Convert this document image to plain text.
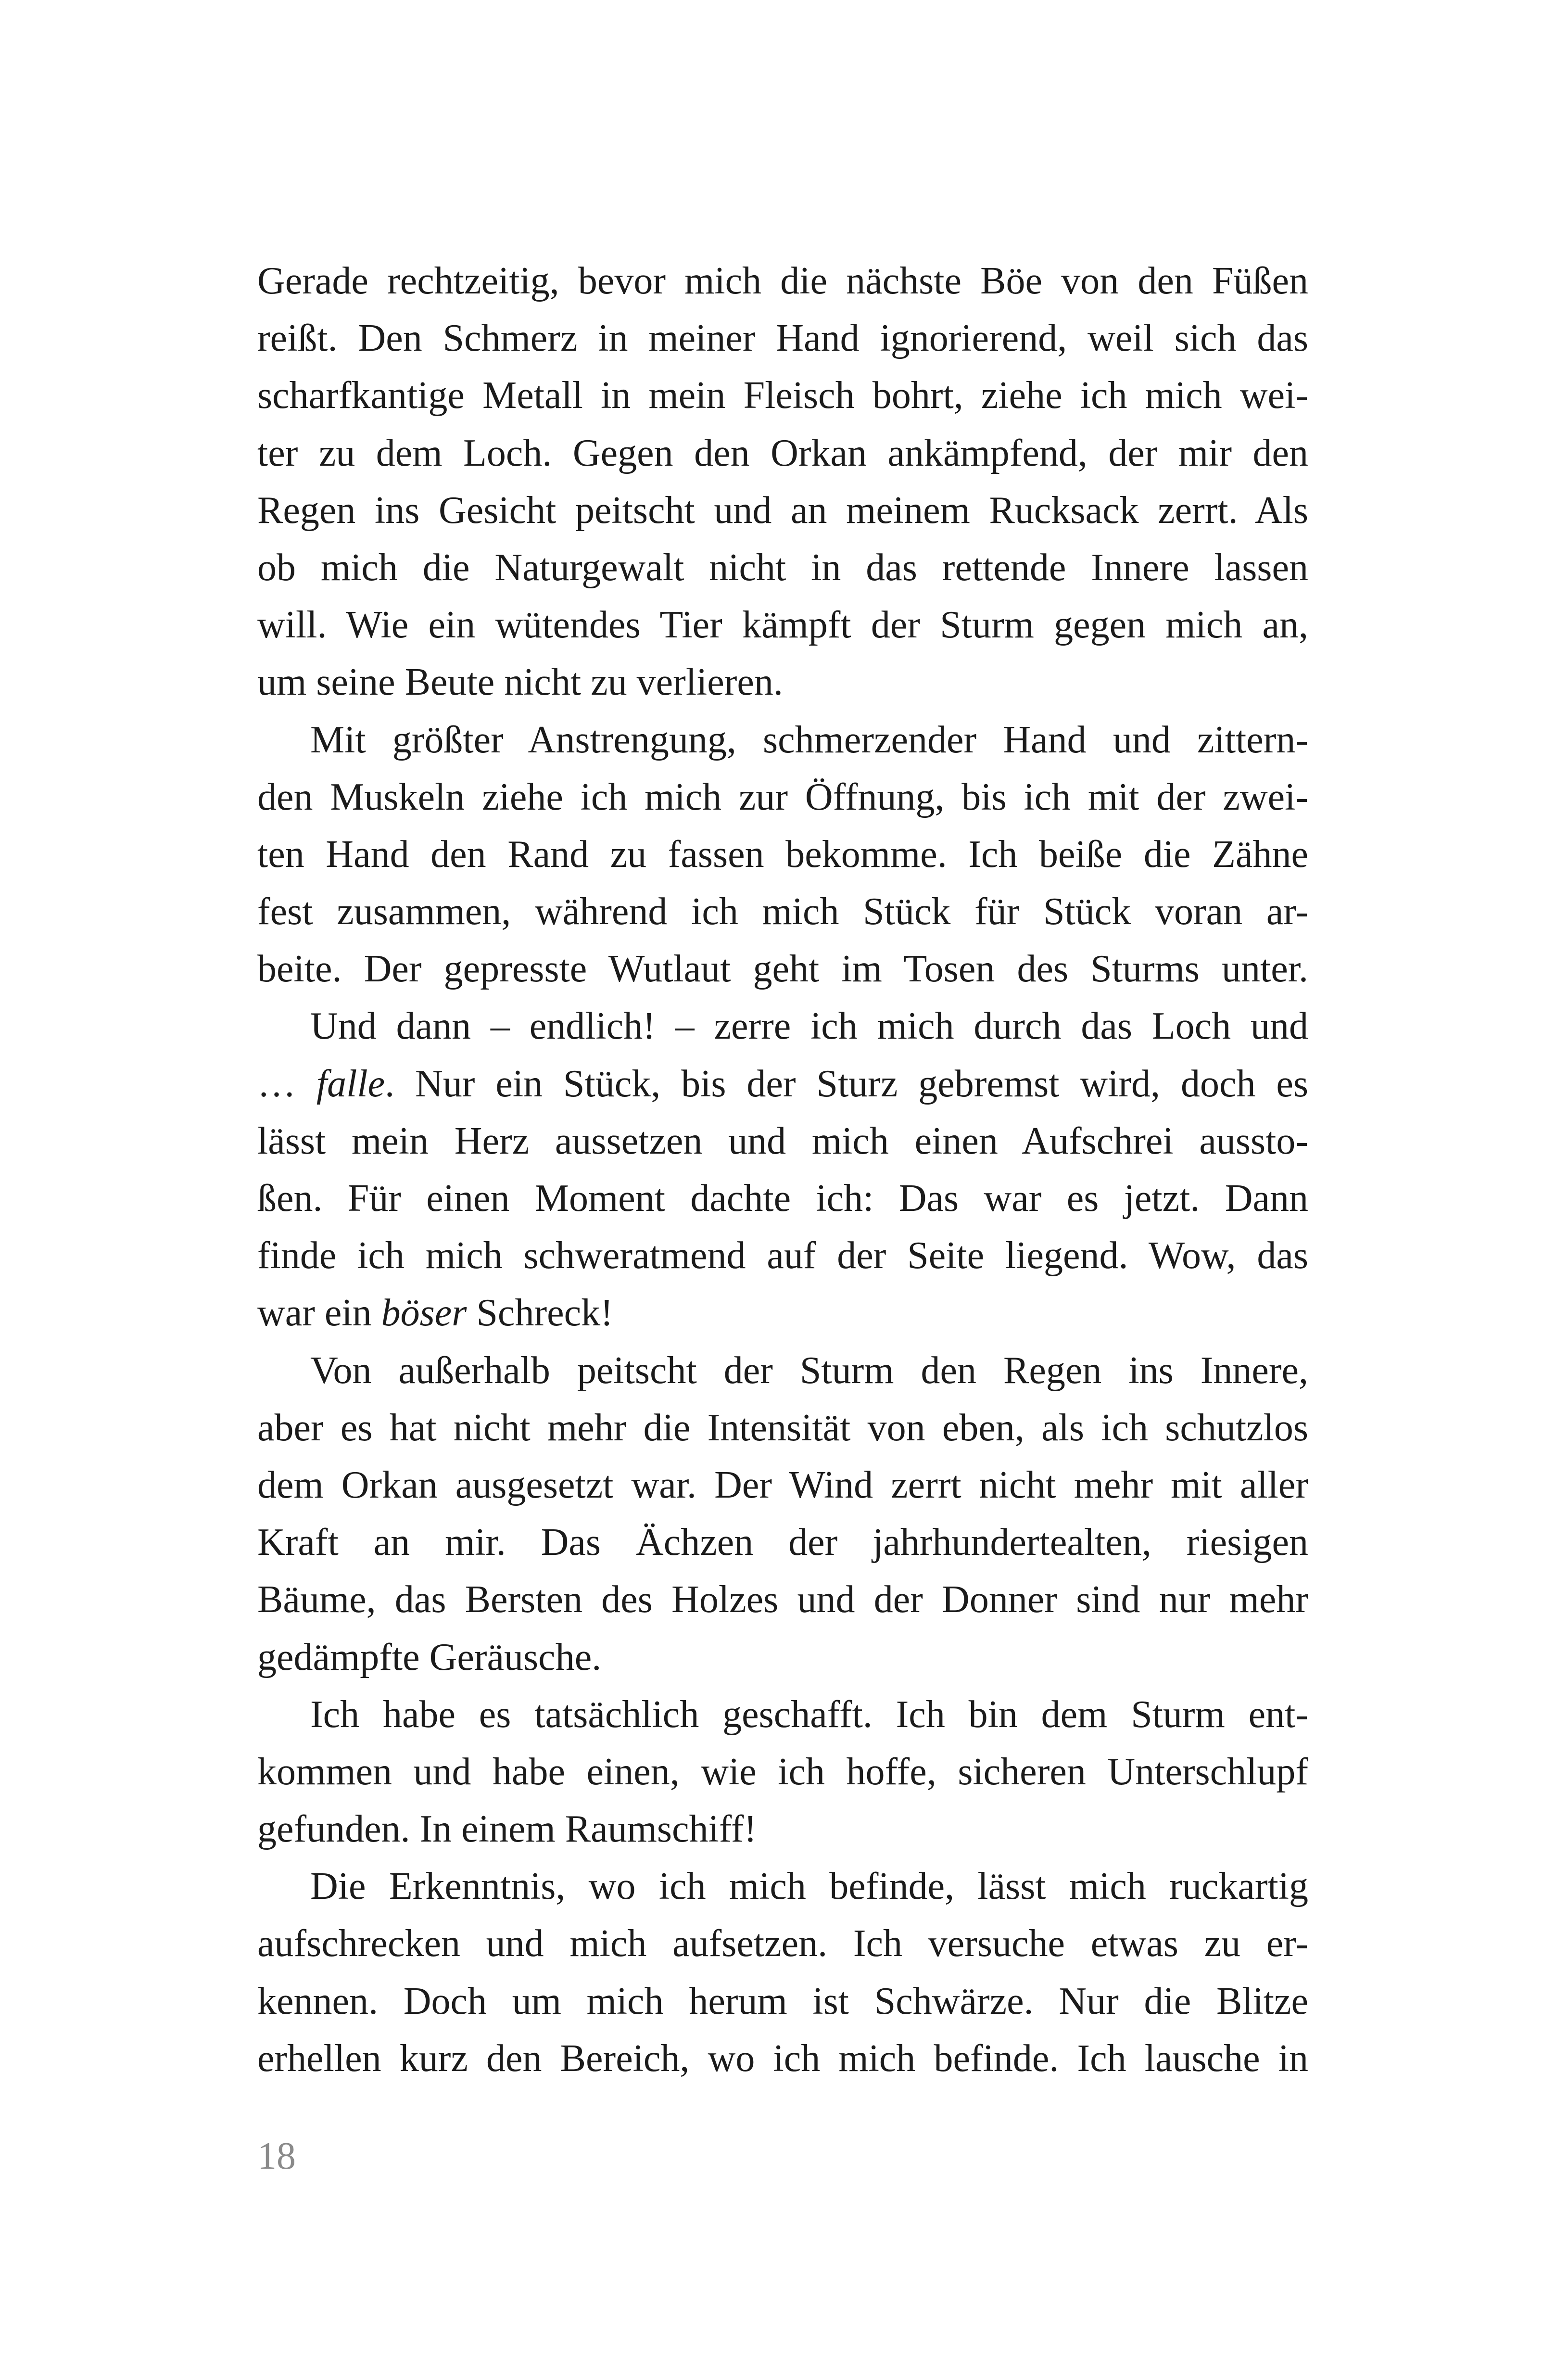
Gerade rechtzeitig, bevor mich die nächste Böe von den Füßen
reißt. Den Schmerz in meiner Hand ignorierend, weil sich das
scharfkantige Metall in mein Fleisch bohrt, ziehe ich mich wei-
ter zu dem Loch. Gegen den Orkan ankämpfend, der mir den
Regen ins Gesicht peitscht und an meinem Rucksack zerrt. Als
ob mich die Naturgewalt nicht in das rettende Innere lassen
will. Wie ein wütendes Tier kämpft der Sturm gegen mich an,
um seine Beute nicht zu verlieren.
Mit größter Anstrengung, schmerzender Hand und zittern-
den Muskeln ziehe ich mich zur Öffnung, bis ich mit der zwei-
ten Hand den Rand zu fassen bekomme. Ich beiße die Zähne
fest zusammen, während ich mich Stück für Stück voran ar-
beite. Der gepresste Wutlaut geht im Tosen des Sturms unter.
Und dann – endlich! – zerre ich mich durch das Loch und
… falle. Nur ein Stück, bis der Sturz gebremst wird, doch es
lässt mein Herz aussetzen und mich einen Aufschrei aussto-
ßen. Für einen Moment dachte ich: Das war es jetzt. Dann
finde ich mich schweratmend auf der Seite liegend. Wow, das
war ein böser Schreck!
Von außerhalb peitscht der Sturm den Regen ins Innere,
aber es hat nicht mehr die Intensität von eben, als ich schutzlos
dem Orkan ausgesetzt war. Der Wind zerrt nicht mehr mit aller
Kraft an mir. Das Ächzen der jahrhundertealten, riesigen
Bäume, das Bersten des Holzes und der Donner sind nur mehr
gedämpfte Geräusche.
Ich habe es tatsächlich geschafft. Ich bin dem Sturm ent-
kommen und habe einen, wie ich hoffe, sicheren Unterschlupf
gefunden. In einem Raumschiff!
Die Erkenntnis, wo ich mich befinde, lässt mich ruckartig
aufschrecken und mich aufsetzen. Ich versuche etwas zu er-
kennen. Doch um mich herum ist Schwärze. Nur die Blitze
erhellen kurz den Bereich, wo ich mich befinde. Ich lausche in
18
